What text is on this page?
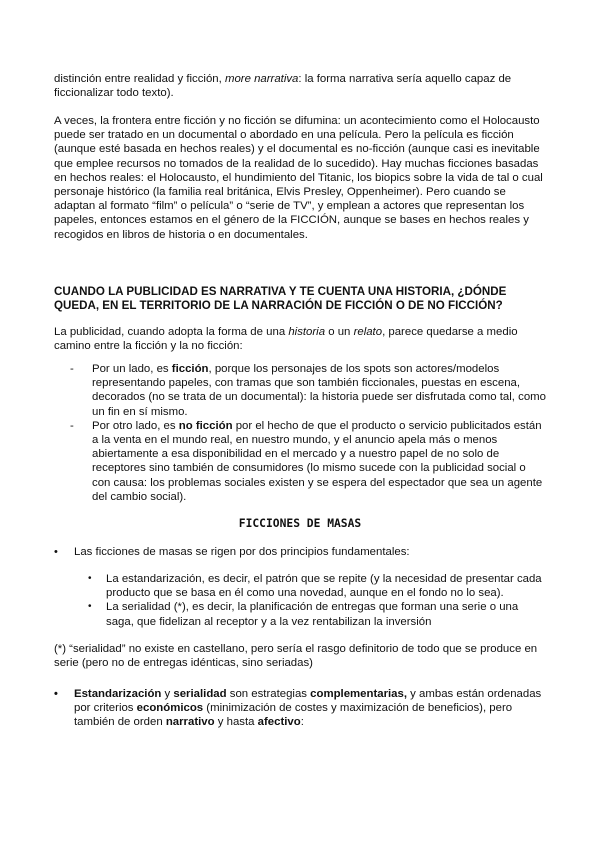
distinción entre realidad y ficción, more narrativa: la forma narrativa sería aquello capaz de ficcionalizar todo texto).

A veces, la frontera entre ficción y no ficción se difumina: un acontecimiento como el Holocausto puede ser tratado en un documental o abordado en una película. Pero la película es ficción (aunque esté basada en hechos reales) y el documental es no-ficción (aunque casi es inevitable que emplee recursos no tomados de la realidad de lo sucedido). Hay muchas ficciones basadas en hechos reales: el Holocausto, el hundimiento del Titanic, los biopics sobre la vida de tal o cual personaje histórico (la familia real británica, Elvis Presley, Oppenheimer). Pero cuando se adaptan al formato “film” o película” o “serie de TV”, y emplean a actores que representan los papeles, entonces estamos en el género de la FICCIÓN, aunque se bases en hechos reales y recogidos en libros de historia o en documentales.

CUANDO LA PUBLICIDAD ES NARRATIVA Y TE CUENTA UNA HISTORIA, ¿DÓNDE QUEDA, EN EL TERRITORIO DE LA NARRACIÓN DE FICCIÓN O DE NO FICCIÓN?

La publicidad, cuando adopta la forma de una historia o un relato, parece quedarse a medio camino entre la ficción y la no ficción:

- Por un lado, es ficción, porque los personajes de los spots son actores/modelos representando papeles, con tramas que son también ficcionales, puestas en escena, decorados (no se trata de un documental): la historia puede ser disfrutada como tal, como un fin en sí mismo.
- Por otro lado, es no ficción por el hecho de que el producto o servicio publicitados están a la venta en el mundo real, en nuestro mundo, y el anuncio apela más o menos abiertamente a esa disponibilidad en el mercado y a nuestro papel de no solo de receptores sino también de consumidores (lo mismo sucede con la publicidad social o con causa: los problemas sociales existen y se espera del espectador que sea un agente del cambio social).
FICCIONES DE MASAS
•	Las ficciones de masas se rigen por dos principios fundamentales:
• La estandarización, es decir, el patrón que se repite (y la necesidad de presentar cada producto que se basa en él como una novedad, aunque en el fondo no lo sea).
• La serialidad (*), es decir, la planificación de entregas que forman una serie o una saga, que fidelizan al receptor y a la vez rentabilizan la inversión
(*) “serialidad” no existe en castellano, pero sería el rasgo definitorio de todo que se produce en serie (pero no de entregas idénticas, sino seriadas)
•	Estandarización y serialidad son estrategias complementarias, y ambas están ordenadas por criterios económicos (minimización de costes y maximización de beneficios), pero también de orden narrativo y hasta afectivo:
